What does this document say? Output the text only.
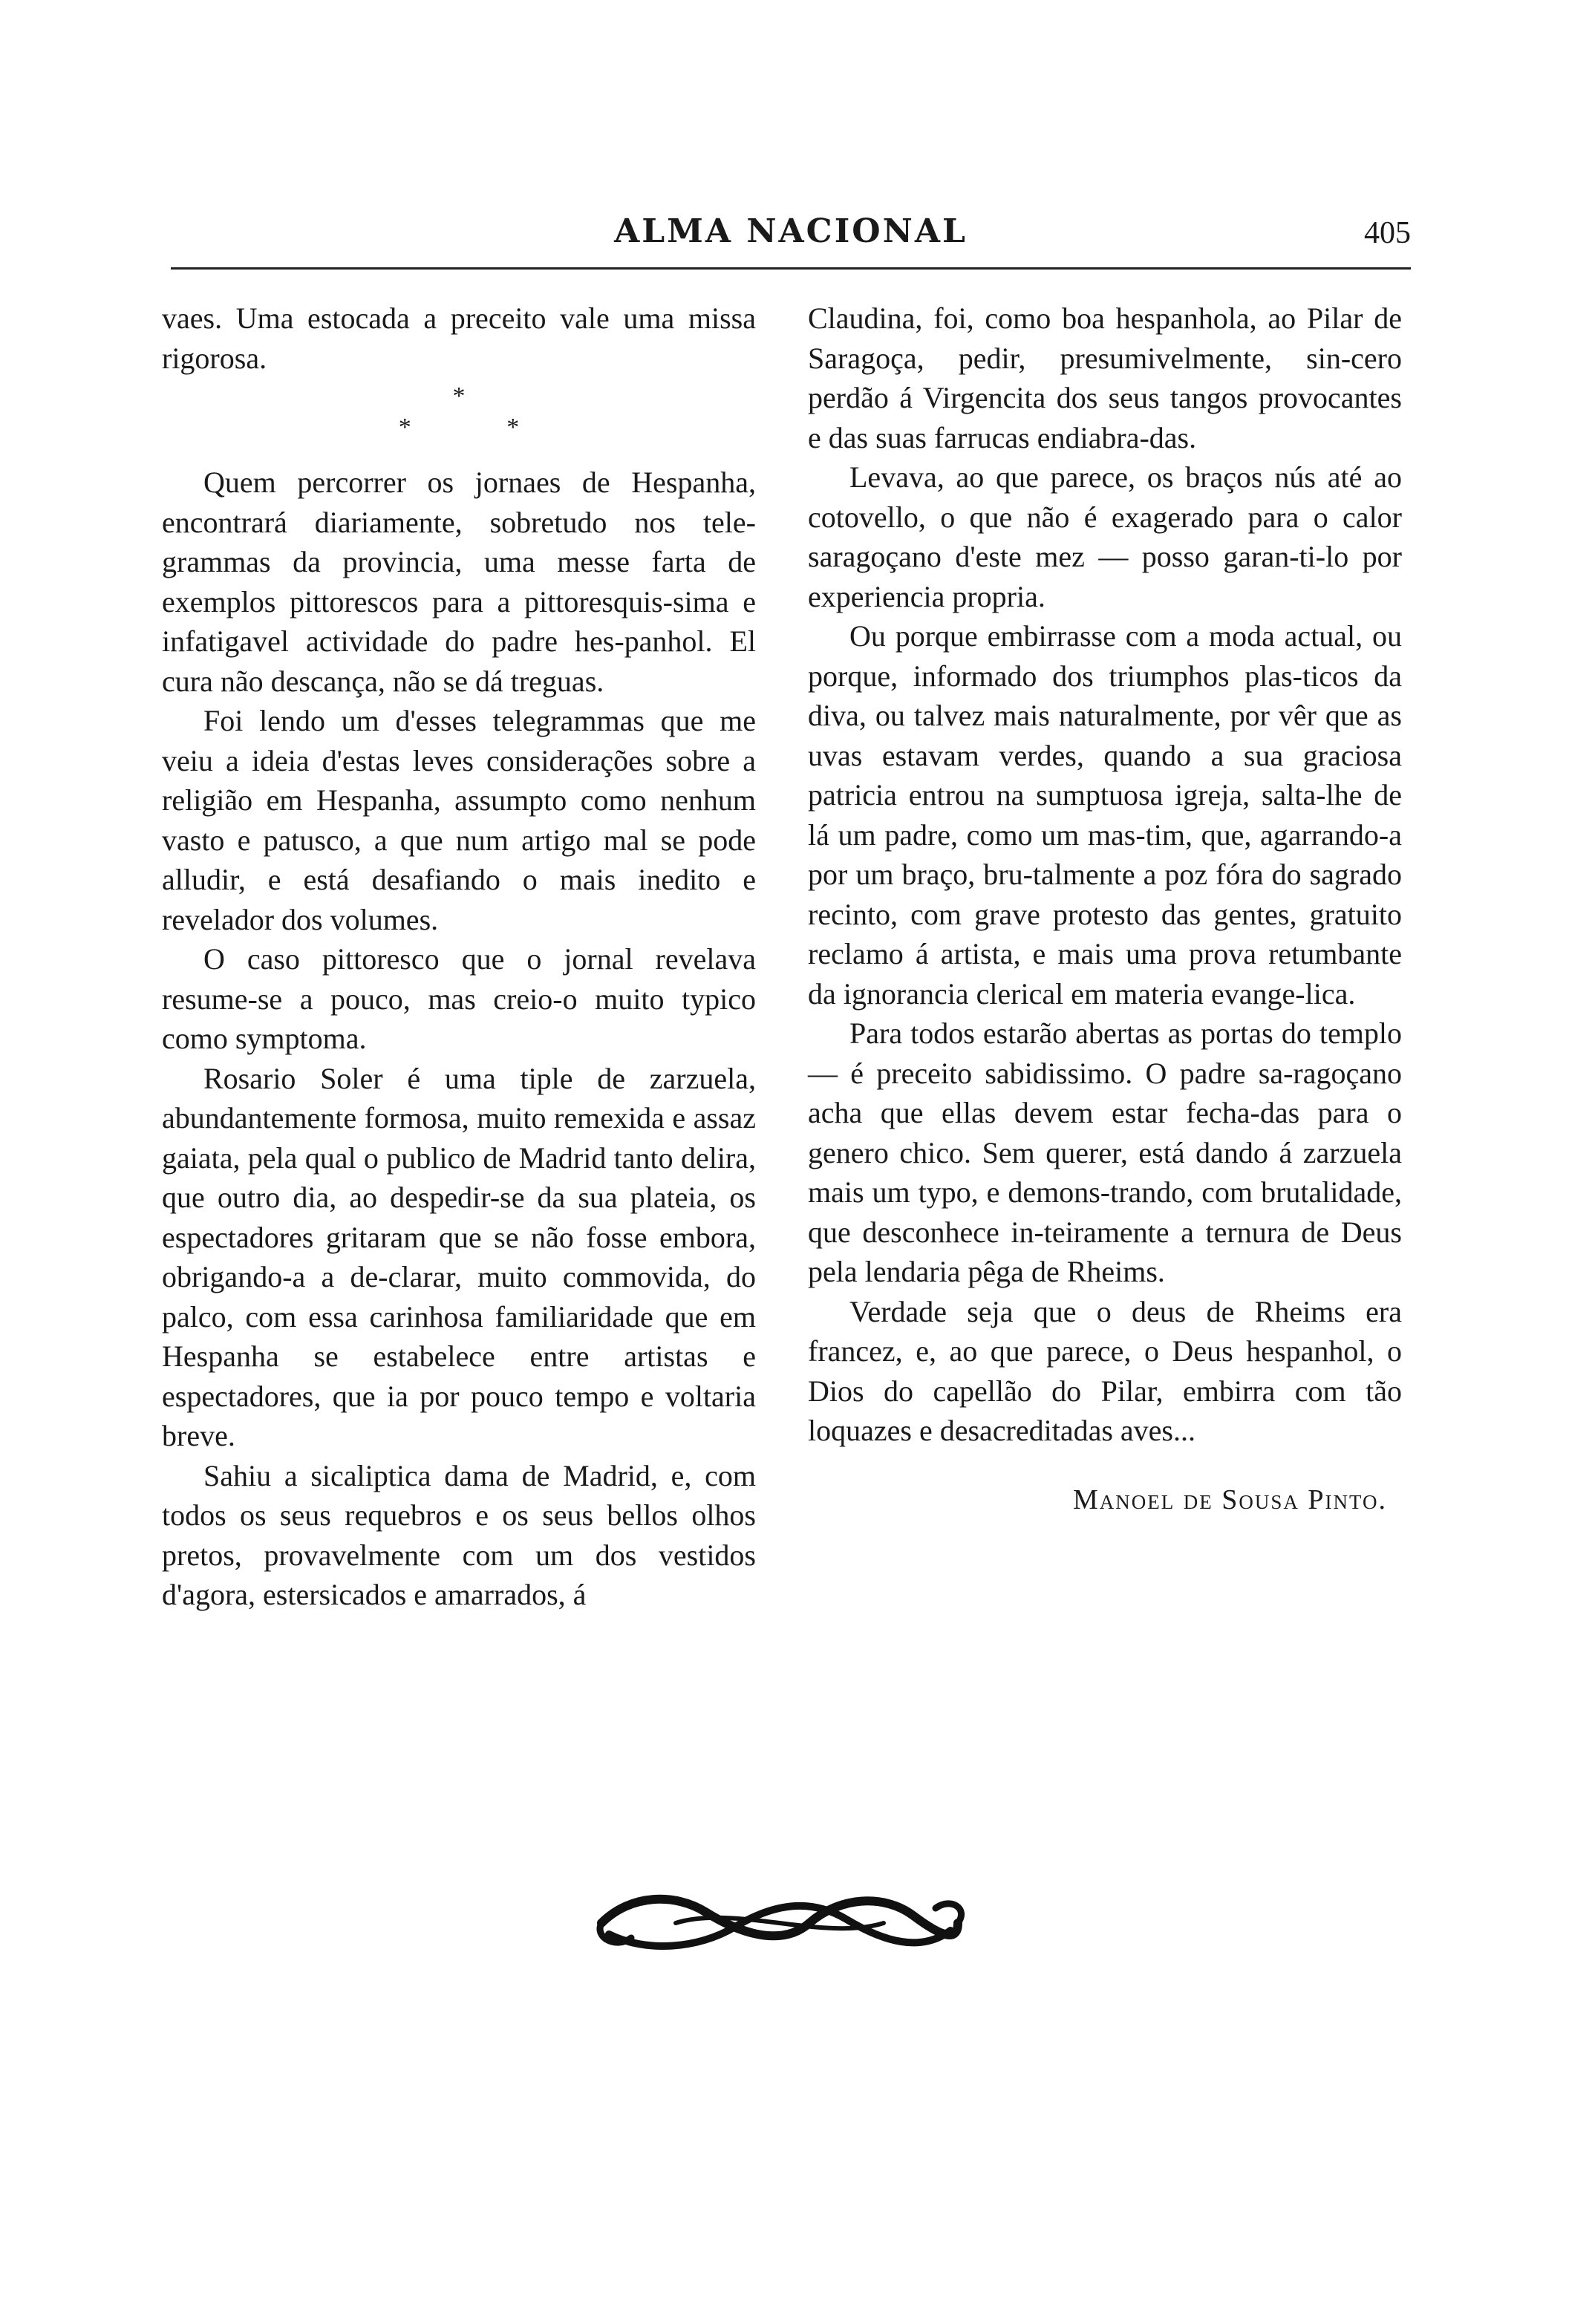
ALMA NACIONAL	405

vaes. Uma estocada a preceito vale uma missa rigorosa.

*
* *

Quem percorrer os jornaes de Hespanha, encontrará diariamente, sobretudo nos tele-grammas da provincia, uma messe farta de exemplos pittorescos para a pittoresquis-sima e infatigavel actividade do padre hes-panhol. El cura não descança, não se dá treguas.

Foi lendo um d'esses telegrammas que me veiu a ideia d'estas leves considerações sobre a religião em Hespanha, assumpto como nenhum vasto e patusco, a que num artigo mal se pode alludir, e está desafiando o mais inedito e revelador dos volumes.

O caso pittoresco que o jornal revelava resume-se a pouco, mas creio-o muito typico como symptoma.

Rosario Soler é uma tiple de zarzuela, abundantemente formosa, muito remexida e assaz gaiata, pela qual o publico de Madrid tanto delira, que outro dia, ao despedir-se da sua plateia, os espectadores gritaram que se não fosse embora, obrigando-a a de-clarar, muito commovida, do palco, com essa carinhosa familiaridade que em Hespanha se estabelece entre artistas e espectadores, que ia por pouco tempo e voltaria breve.

Sahiu a sicaliptica dama de Madrid, e, com todos os seus requebros e os seus bellos olhos pretos, provavelmente com um dos vestidos d'agora, estersicados e amarrados, á

Claudina, foi, como boa hespanhola, ao Pilar de Saragoça, pedir, presumivelmente, sin-cero perdão á Virgencita dos seus tangos provocantes e das suas farrucas endiabra-das.

Levava, ao que parece, os braços nús até ao cotovello, o que não é exagerado para o calor saragoçano d'este mez — posso garan-ti-lo por experiencia propria.

Ou porque embirrasse com a moda actual, ou porque, informado dos triumphos plas-ticos da diva, ou talvez mais naturalmente, por vêr que as uvas estavam verdes, quando a sua graciosa patricia entrou na sumptuosa igreja, salta-lhe de lá um padre, como um mas-tim, que, agarrando-a por um braço, bru-talmente a poz fóra do sagrado recinto, com grave protesto das gentes, gratuito reclamo á artista, e mais uma prova retumbante da ignorancia clerical em materia evange-lica.

Para todos estarão abertas as portas do templo — é preceito sabidissimo. O padre sa-ragoçano acha que ellas devem estar fecha-das para o genero chico. Sem querer, está dando á zarzuela mais um typo, e demons-trando, com brutalidade, que desconhece in-teiramente a ternura de Deus pela lendaria pêga de Rheims.

Verdade seja que o deus de Rheims era francez, e, ao que parece, o Deus hespanhol, o Dios do capellão do Pilar, embirra com tão loquazes e desacreditadas aves...

Manoel de Sousa Pinto.
